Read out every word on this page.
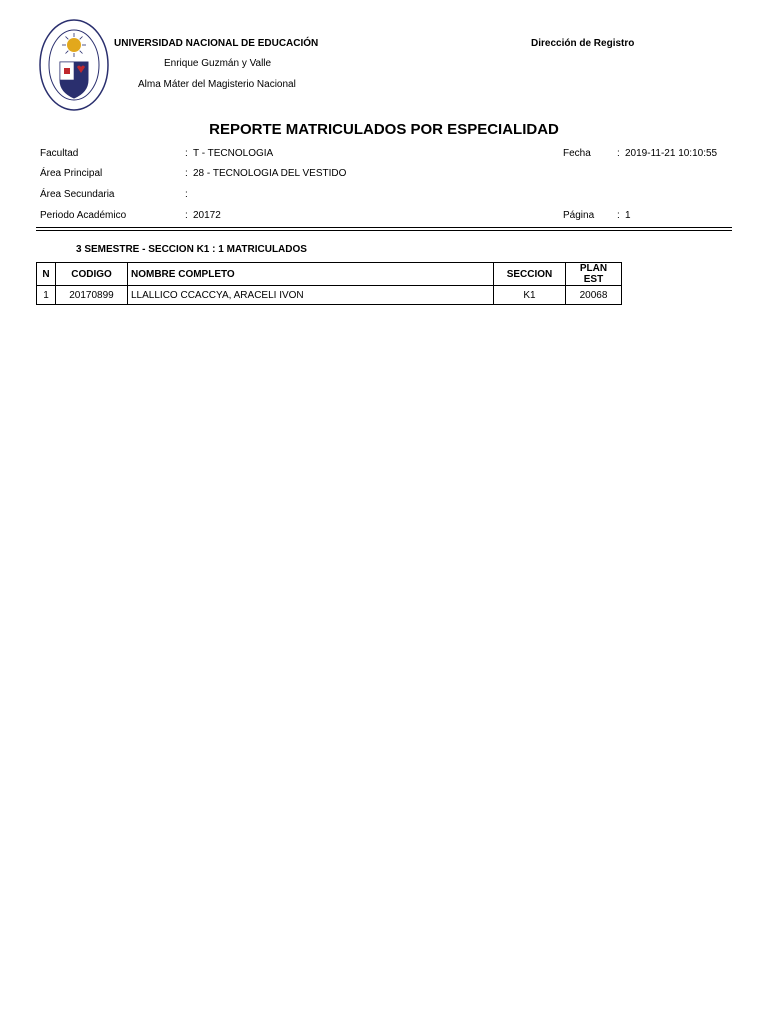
UNIVERSIDAD NACIONAL DE EDUCACIÓN
Enrique Guzmán y Valle
Alma Máter del Magisterio Nacional
Dirección de Registro
REPORTE MATRICULADOS POR ESPECIALIDAD
Facultad	: T - TECNOLOGIA	Fecha	: 2019-11-21 10:10:55
Área Principal	: 28 - TECNOLOGIA DEL VESTIDO
Área Secundaria	:
Periodo Académico	: 20172	Página : 1
3 SEMESTRE - SECCION K1 : 1 MATRICULADOS
N	CODIGO	NOMBRE COMPLETO	SECCION	PLAN EST
1	20170899	LLALLICO CCACCYA, ARACELI IVON	K1	20068
